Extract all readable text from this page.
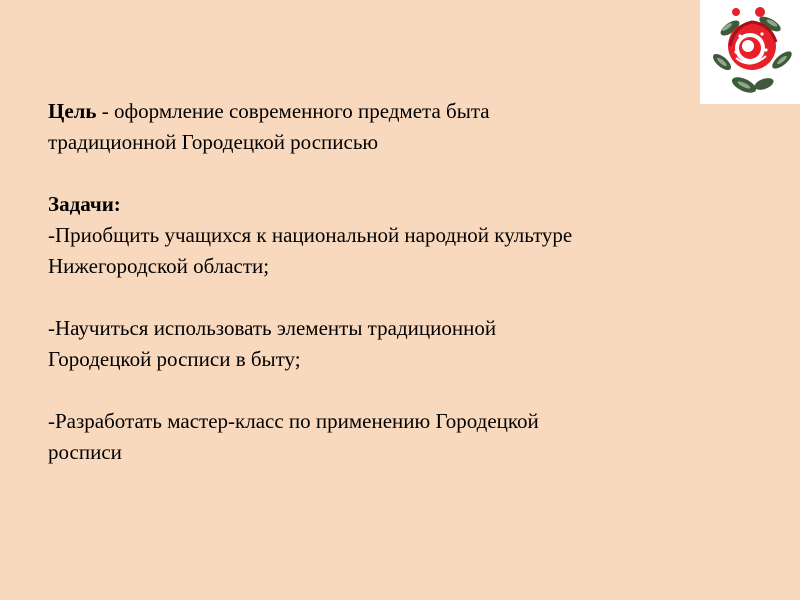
Цель - оформление современного предмета быта
традиционной Городецкой росписью
Задачи:
-Приобщить учащихся к национальной народной культуре
Нижегородской области;
-Научиться использовать элементы традиционной
Городецкой росписи в быту;
-Разработать мастер-класс по применению Городецкой
росписи
